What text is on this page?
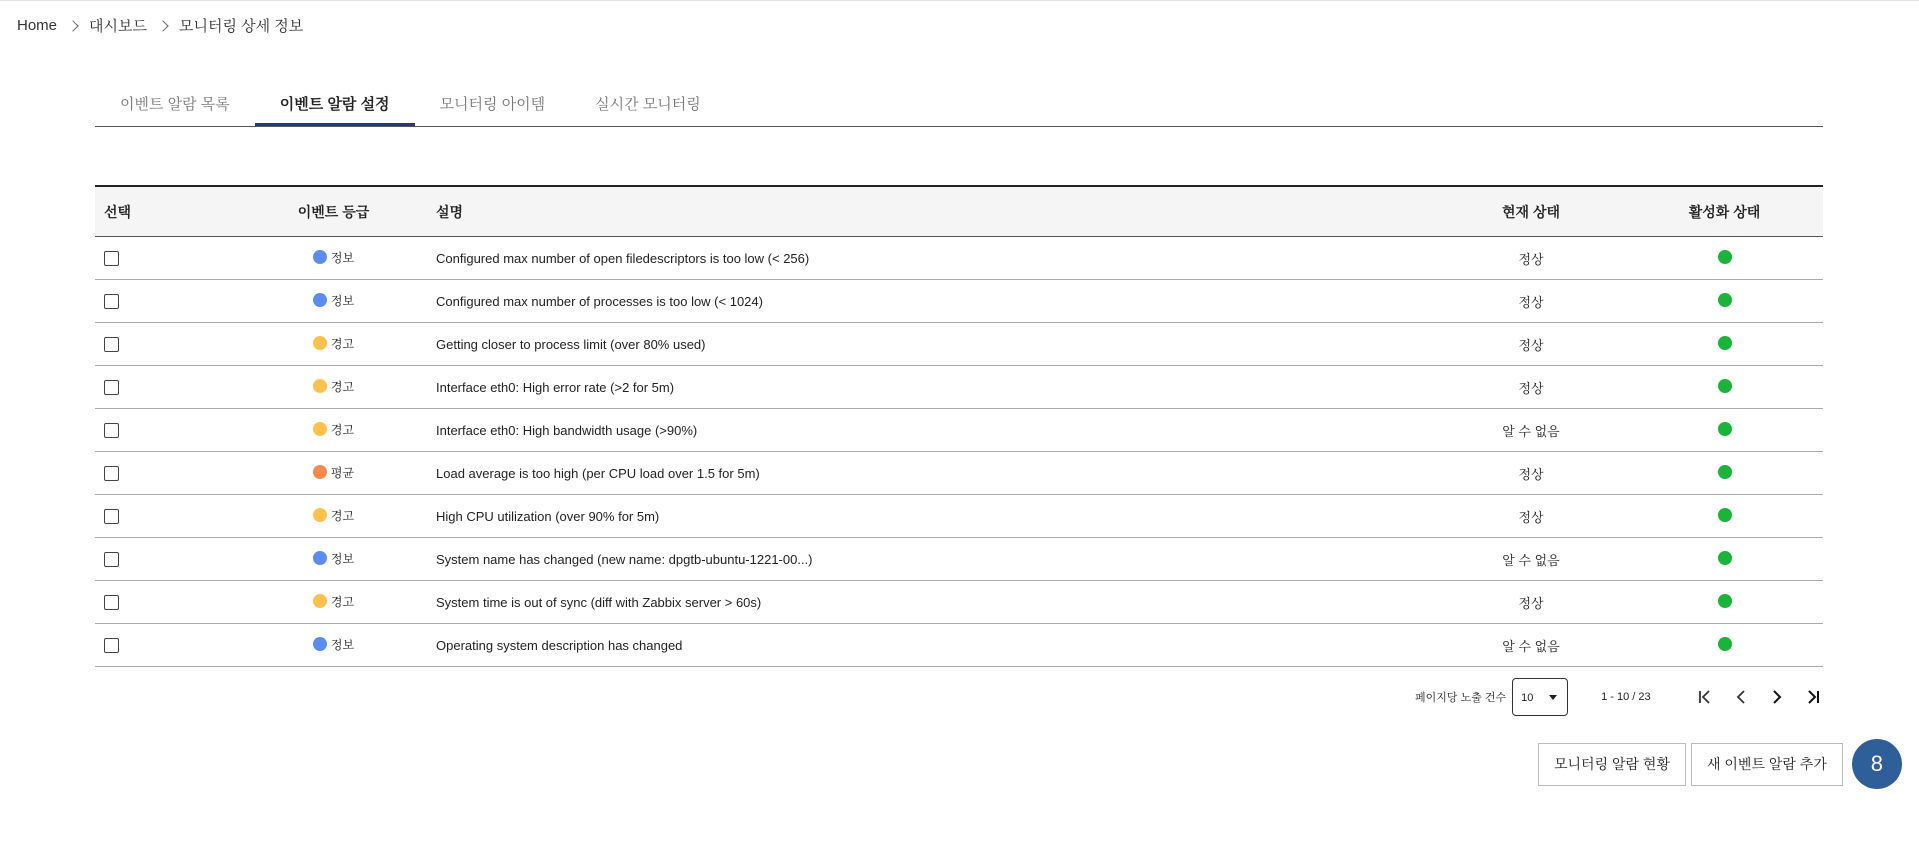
Home 대시보드 모니터링 상세 정보
이벤트 알람 목록	이벤트 알람 설정	모니터링 아이템	실시간 모니터링
선택	이벤트 등급	설명	현재 상태	활성화 상태

	정보	Configured max number of open filedescriptors is too low (< 256)	정상	

	정보	Configured max number of processes is too low (< 1024)	정상	

	경고	Getting closer to process limit (over 80% used)	정상	

	경고	Interface eth0: High error rate (>2 for 5m)	정상	

	경고	Interface eth0: High bandwidth usage (>90%)	알 수 없음	

	평균	Load average is too high (per CPU load over 1.5 for 5m)	정상	

	경고	High CPU utilization (over 90% for 5m)	정상	

	정보	System name has changed (new name: dpgtb-ubuntu-1221-00...)	알 수 없음	

	경고	System time is out of sync (diff with Zabbix server > 60s)	정상	

	정보	Operating system description has changed	알 수 없음	
페이지당 노출 건수	10	1 - 10 / 23
모니터링 알람 현황	새 이벤트 알람 추가	8
